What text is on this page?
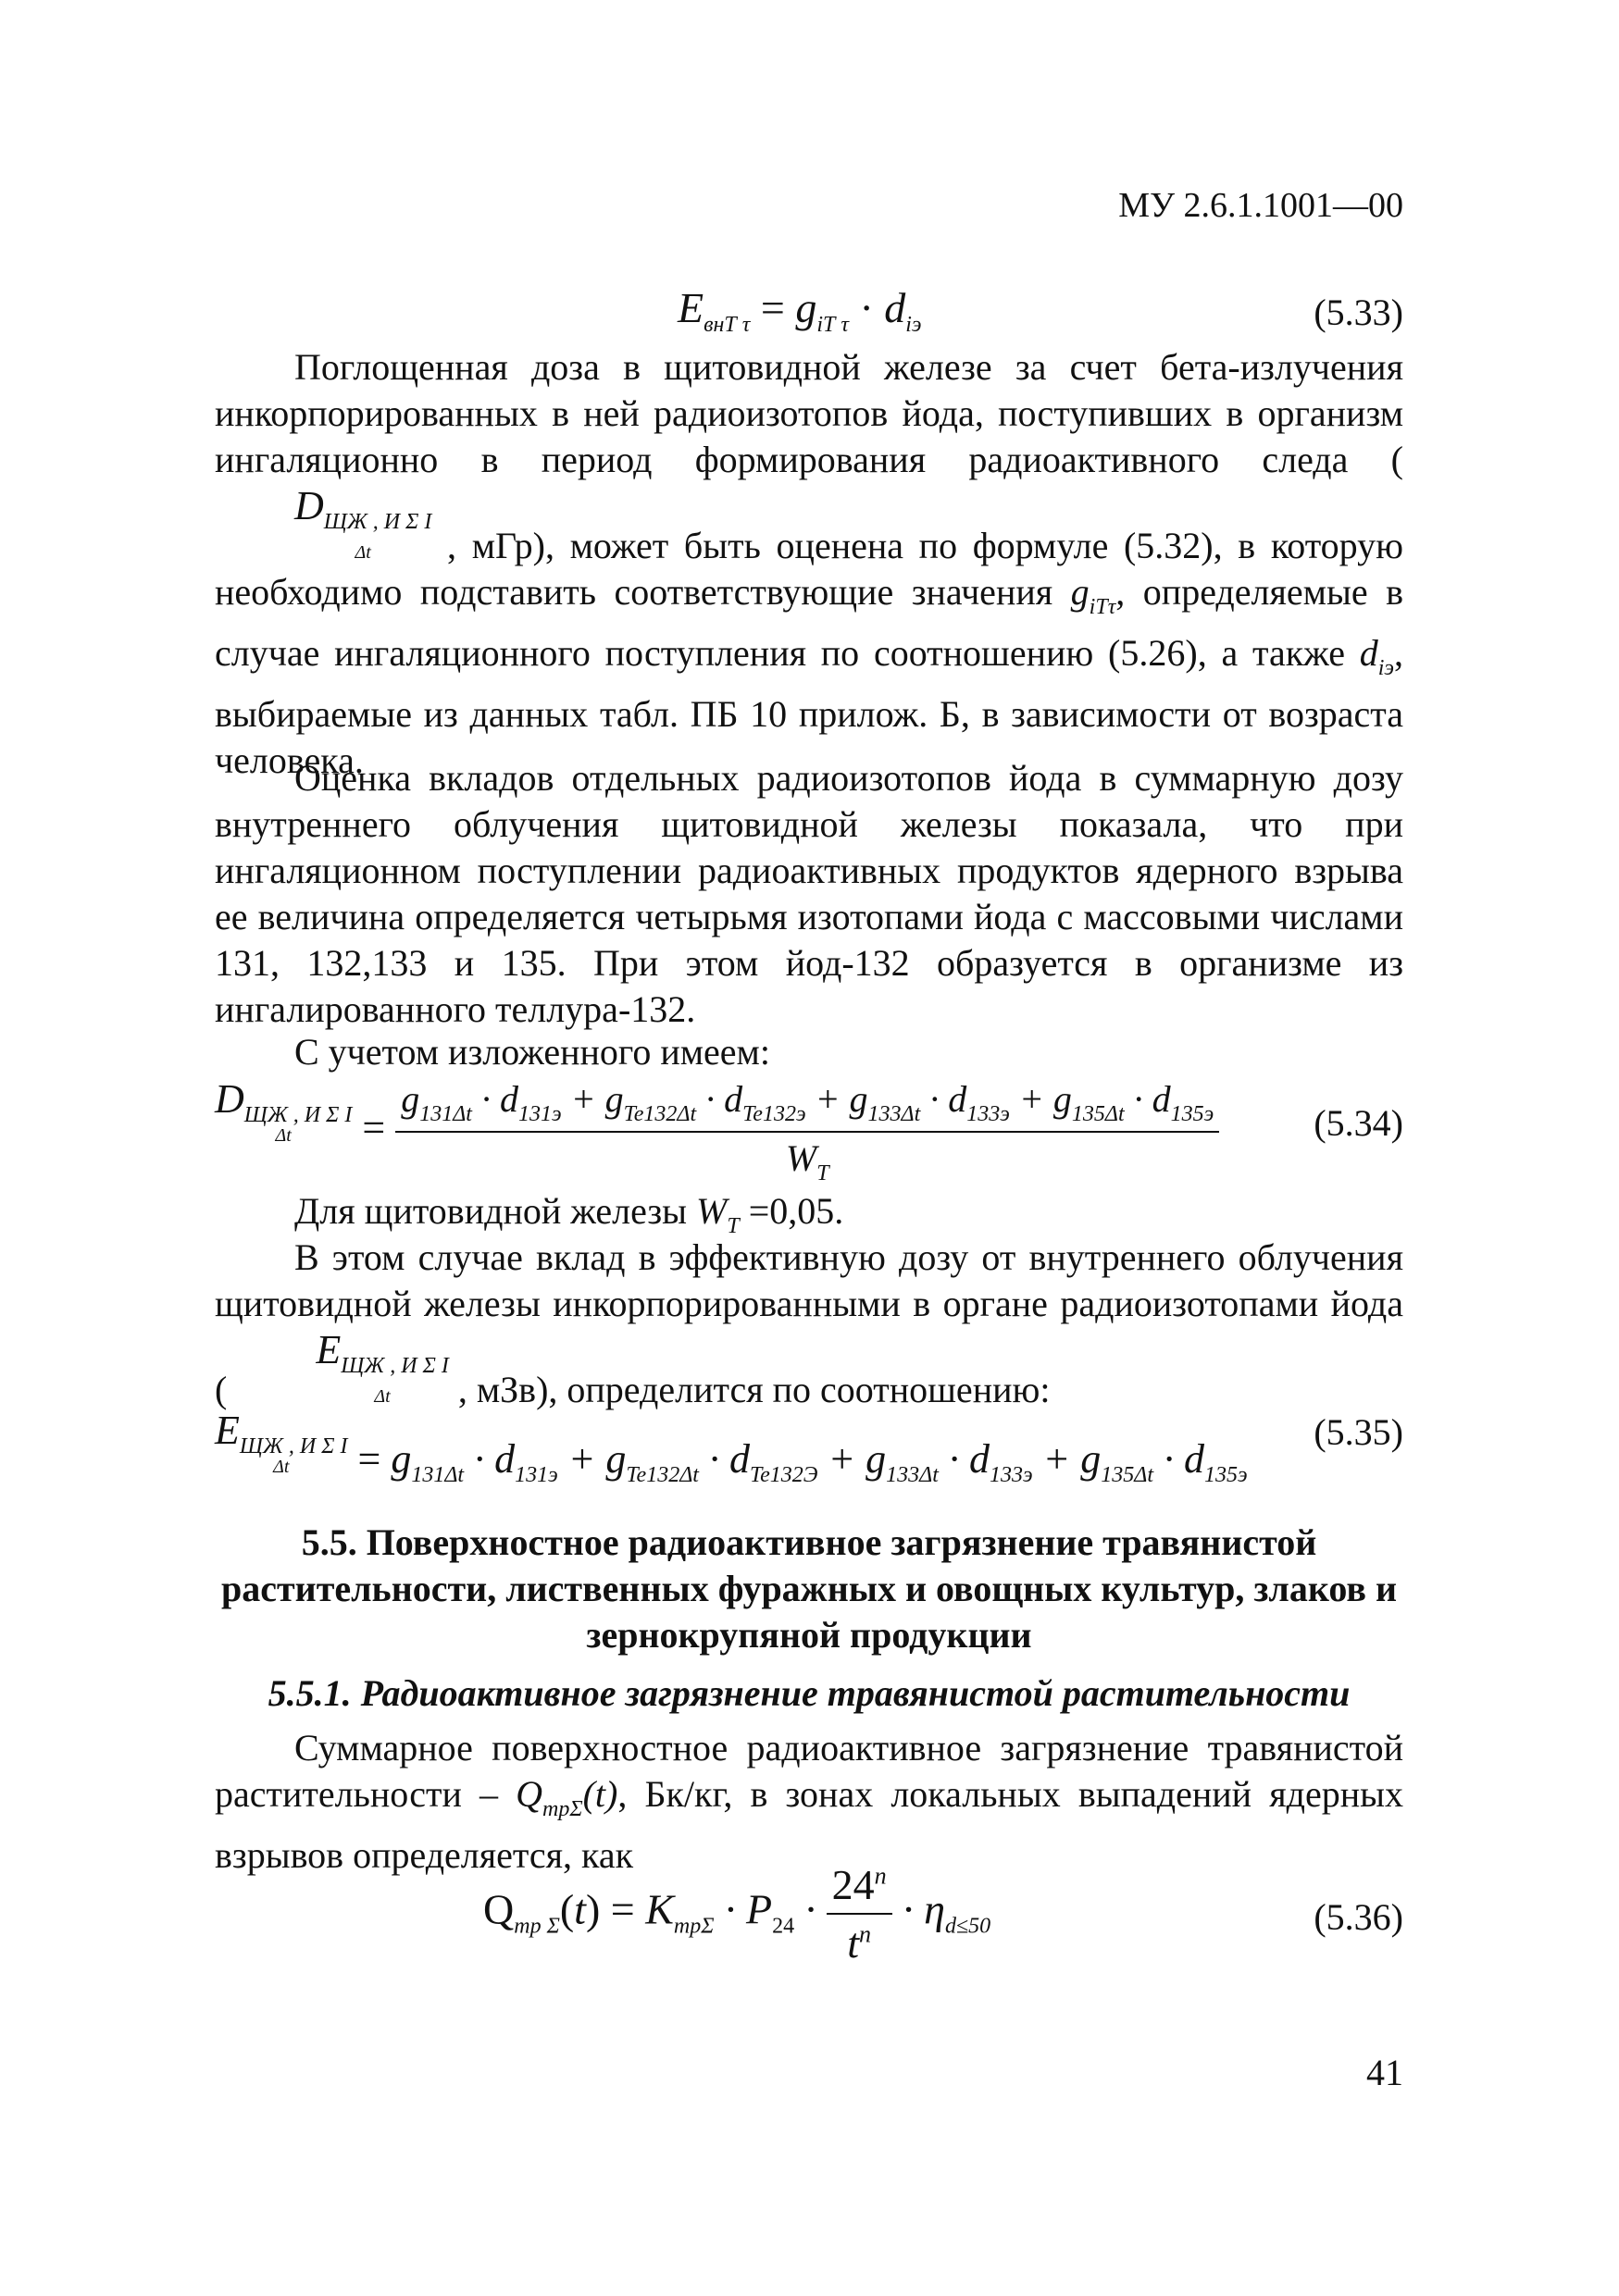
МУ 2.6.1.1001—00
$E_{внТ \tau} = g_{iТ \tau} \cdot d_{iэ}$	(5.33)

Поглощенная доза в щитовидной железе за счет бета-излучения инкорпорированных в ней радиоизотопов йода, поступивших в организм ингаляционно в период формирования радиоактивного следа ( $D_{ЩЖ , И \Sigma I}$
Δt	, мГр), может быть оценена по формуле (5.32), в которую необходимо подставить соответствующие значения $g_{iT\tau}$, определяемые в случае ингаляционного поступления по соотношению (5.26), а также $d_{iэ}$, выбираемые из данных табл. ПБ 10 прилож. Б, в зависимости от возраста человека.

Оценка вкладов отдельных радиоизотопов йода в суммарную дозу внутреннего облучения щитовидной железы показала, что при ингаляционном поступлении радиоактивных продуктов ядерного взрыва ее величина определяется четырьмя изотопами йода с массовыми числами 131, 132,133 и 135. При этом йод-132 образуется в организме из ингалированного теллура-132.

С учетом изложенного имеем:

$D_{ЩЖ , И \Sigma I}$
Δt	=
$g_{131\Delta t} \cdot d_{131э} + g_{Te132\Delta t} \cdot d_{Te132э} + g_{133\Delta t} \cdot d_{133э} + g_{135\Delta t} \cdot d_{135э}$
$W_T$
(5.34)

Для щитовидной железы $W_T =0,05$.

В этом случае вклад в эффективную дозу от внутреннего облучения щитовидной железы инкорпорированными в органе радиоизотопами йода ( $E_{ЩЖ , И \Sigma I}$
Δt	, мЗв), определится по соотношению:

$E_{ЩЖ , И \Sigma I}$
Δt	= $g_{131\Delta t} \cdot d_{131э} + g_{Te132\Delta t} \cdot d_{Te132Э} + g_{133\Delta t} \cdot d_{133э} + g_{135\Delta t} \cdot d_{135э}$
(5.35)

5.5. Поверхностное радиоактивное загрязнение травянистой растительности, лиственных фуражных и овощных культур, злаков и зернокрупяной продукции

5.5.1. Радиоактивное загрязнение травянистой растительности

Суммарное поверхностное радиоактивное загрязнение травянистой растительности – $Q_{mp\Sigma}(t)$, Бк/кг, в зонах локальных выпадений ядерных взрывов определяется, как

$Q_{mp \Sigma}(t) = K_{mp\Sigma} \cdot P_{24} \cdot \frac{24^n}{t^n} \cdot \eta_{d\le 50}$	(5.36)
41
